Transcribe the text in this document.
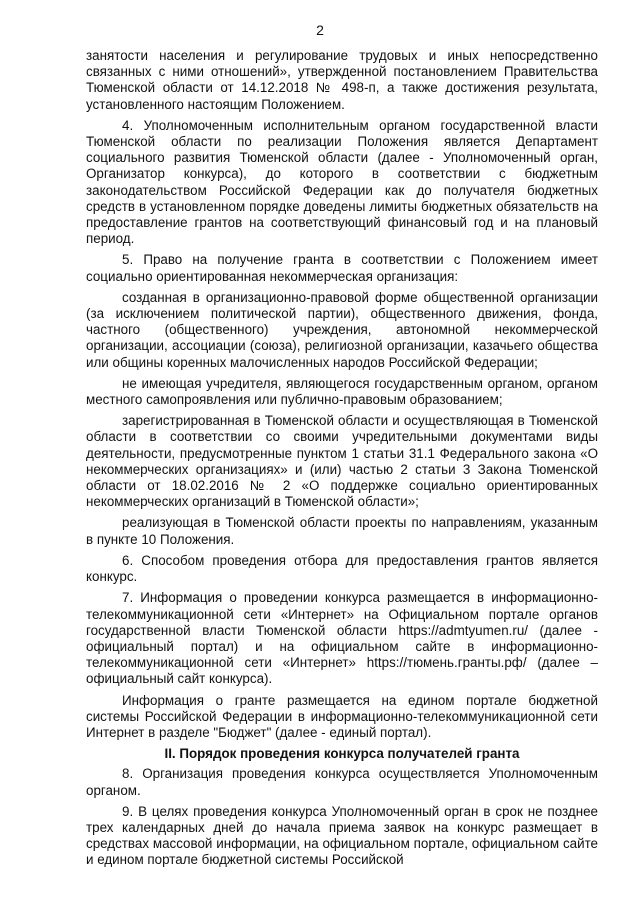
2

занятости населения и регулирование трудовых и иных непосредственно связанных с ними отношений», утвержденной постановлением Правительства Тюменской области от 14.12.2018 № 498-п, а также достижения результата, установленного настоящим Положением.

4. Уполномоченным исполнительным органом государственной власти Тюменской области по реализации Положения является Департамент социального развития Тюменской области (далее - Уполномоченный орган, Организатор конкурса), до которого в соответствии с бюджетным законодательством Российской Федерации как до получателя бюджетных средств в установленном порядке доведены лимиты бюджетных обязательств на предоставление грантов на соответствующий финансовый год и на плановый период.

5. Право на получение гранта в соответствии с Положением имеет социально ориентированная некоммерческая организация:

созданная в организационно-правовой форме общественной организации (за исключением политической партии), общественного движения, фонда, частного (общественного) учреждения, автономной некоммерческой организации, ассоциации (союза), религиозной организации, казачьего общества или общины коренных малочисленных народов Российской Федерации;

не имеющая учредителя, являющегося государственным органом, органом местного самопроявления или публично-правовым образованием;

зарегистрированная в Тюменской области и осуществляющая в Тюменской области в соответствии со своими учредительными документами виды деятельности, предусмотренные пунктом 1 статьи 31.1 Федерального закона «О некоммерческих организациях» и (или) частью 2 статьи 3 Закона Тюменской области от 18.02.2016 № 2 «О поддержке социально ориентированных некоммерческих организаций в Тюменской области»;

реализующая в Тюменской области проекты по направлениям, указанным в пункте 10 Положения.

6. Способом проведения отбора для предоставления грантов является конкурс.

7. Информация о проведении конкурса размещается в информационно-телекоммуникационной сети «Интернет» на Официальном портале органов государственной власти Тюменской области https://admtyumen.ru/ (далее - официальный портал) и на официальном сайте в информационно-телекоммуникационной сети «Интернет» https://тюмень.гранты.рф/ (далее – официальный сайт конкурса).

Информация о гранте размещается на едином портале бюджетной системы Российской Федерации в информационно-телекоммуникационной сети Интернет в разделе "Бюджет" (далее - единый портал).

II. Порядок проведения конкурса получателей гранта

8. Организация проведения конкурса осуществляется Уполномоченным органом.

9. В целях проведения конкурса Уполномоченный орган в срок не позднее трех календарных дней до начала приема заявок на конкурс размещает в средствах массовой информации, на официальном портале, официальном сайте и едином портале бюджетной системы Российской
